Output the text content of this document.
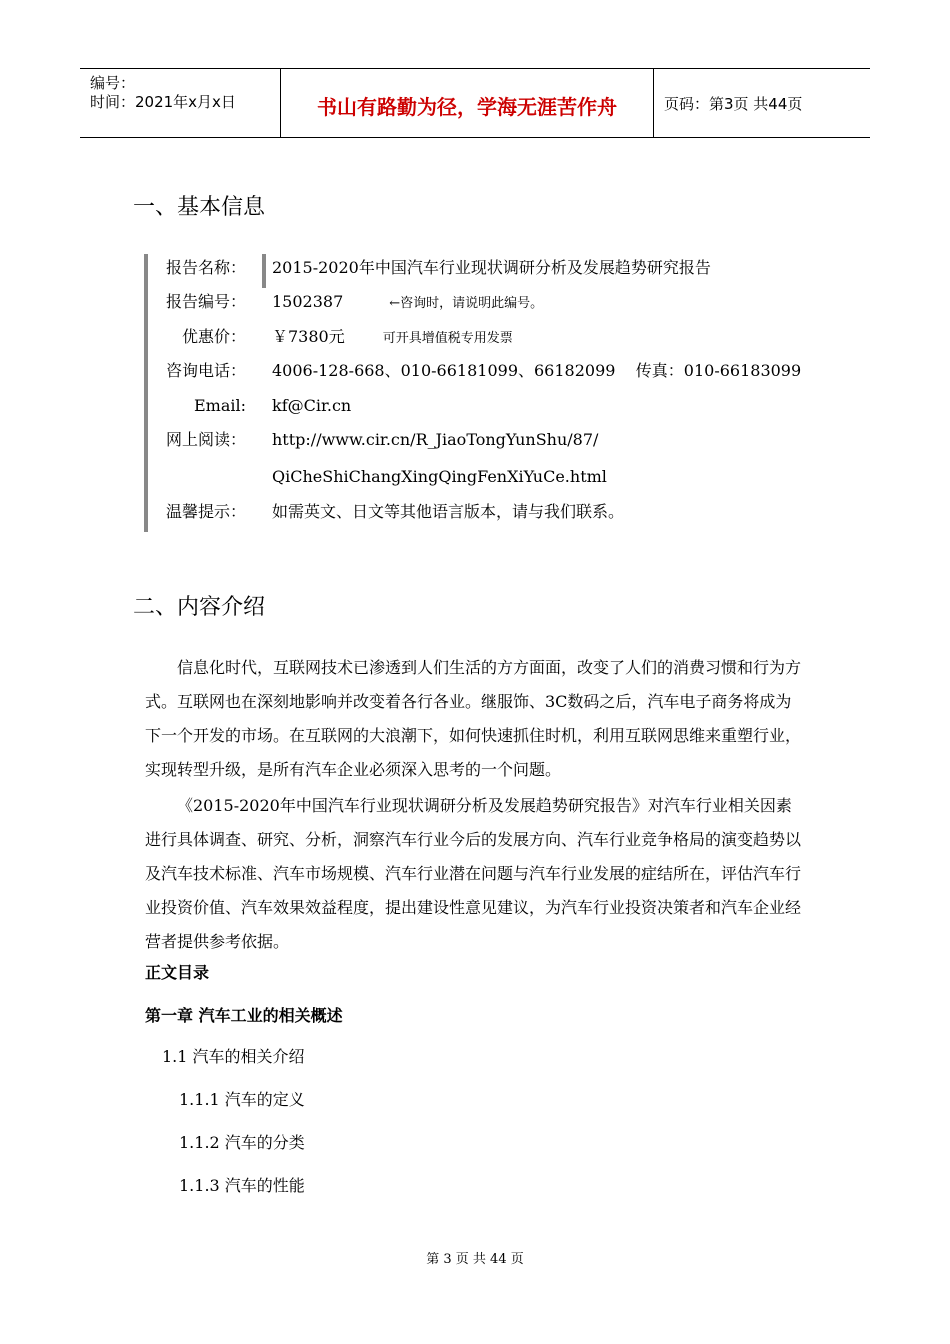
编号：
时间：2021年x月x日	书山有路勤为径，学海无涯苦作舟	页码：第3页 共44页
一、基本信息
报告名称： 2015-2020年中国汽车行业现状调研分析及发展趋势研究报告
报告编号： 1502387	←咨询时，请说明此编号。
优惠价： ￥7380元	可开具增值税专用发票
咨询电话： 4006-128-668、010-66181099、66182099    传真：010-66183099
Email: kf@Cir.cn
网上阅读： http://www.cir.cn/R_JiaoTongYunShu/87/
QiCheShiChangXingQingFenXiYuCe.html
温馨提示： 如需英文、日文等其他语言版本，请与我们联系。
二、内容介绍

信息化时代，互联网技术已渗透到人们生活的方方面面，改变了人们的消费习惯和行为方式。互联网也在深刻地影响并改变着各行各业。继服饰、3C数码之后，汽车电子商务将成为下一个开发的市场。在互联网的大浪潮下，如何快速抓住时机，利用互联网思维来重塑行业，实现转型升级，是所有汽车企业必须深入思考的一个问题。

《2015-2020年中国汽车行业现状调研分析及发展趋势研究报告》对汽车行业相关因素进行具体调查、研究、分析，洞察汽车行业今后的发展方向、汽车行业竞争格局的演变趋势以及汽车技术标准、汽车市场规模、汽车行业潜在问题与汽车行业发展的症结所在，评估汽车行业投资价值、汽车效果效益程度，提出建设性意见建议，为汽车行业投资决策者和汽车企业经营者提供参考依据。

正文目录
第一章 汽车工业的相关概述
1.1 汽车的相关介绍
1.1.1 汽车的定义
1.1.2 汽车的分类
1.1.3 汽车的性能
第 3 页 共 44 页
